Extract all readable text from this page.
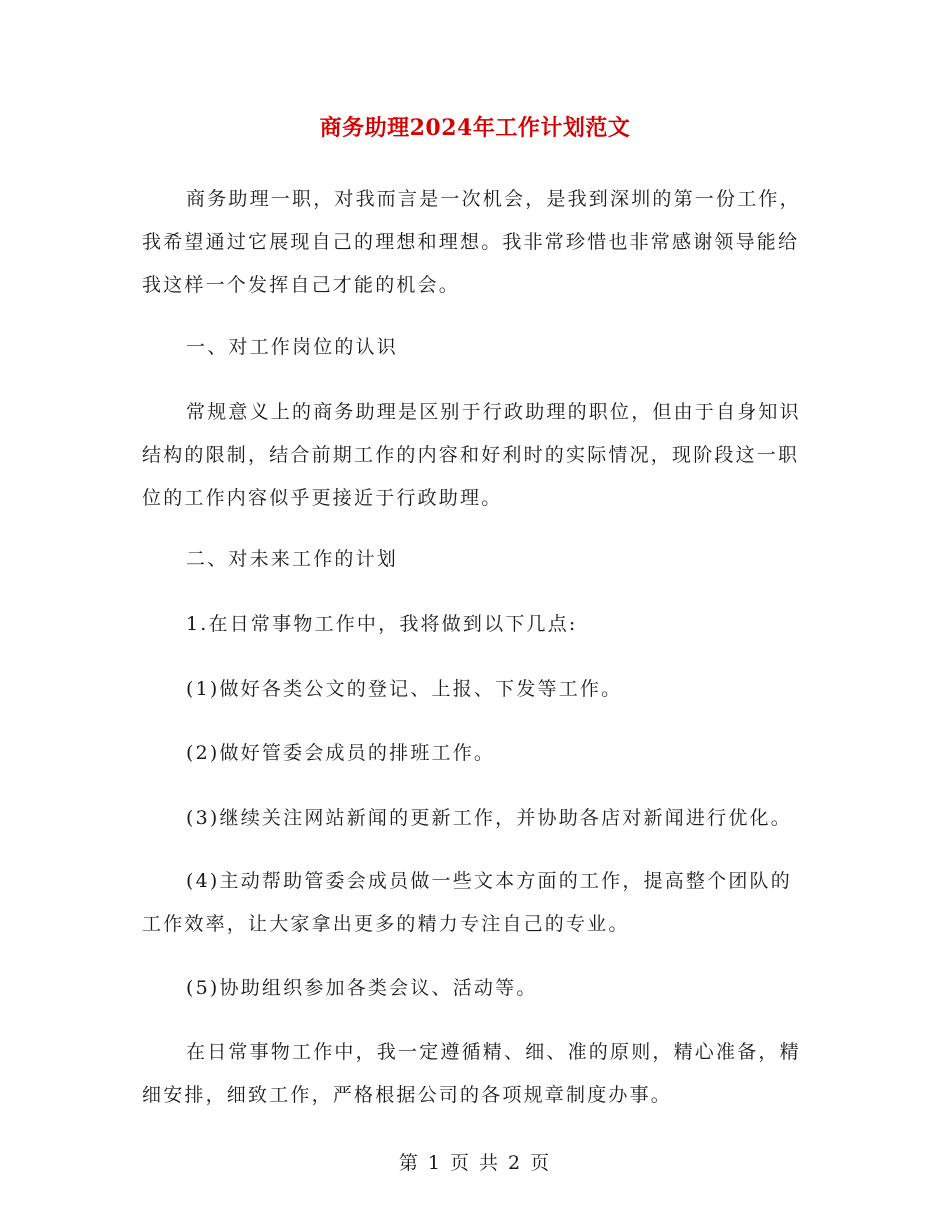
商务助理2024年工作计划范文

商务助理一职，对我而言是一次机会，是我到深圳的第一份工作，我希望通过它展现自己的理想和理想。我非常珍惜也非常感谢领导能给我这样一个发挥自己才能的机会。

一、对工作岗位的认识

常规意义上的商务助理是区别于行政助理的职位，但由于自身知识结构的限制，结合前期工作的内容和好利时的实际情况，现阶段这一职位的工作内容似乎更接近于行政助理。

二、对未来工作的计划

1.在日常事物工作中，我将做到以下几点:

(1)做好各类公文的登记、上报、下发等工作。

(2)做好管委会成员的排班工作。

(3)继续关注网站新闻的更新工作，并协助各店对新闻进行优化。

(4)主动帮助管委会成员做一些文本方面的工作，提高整个团队的工作效率，让大家拿出更多的精力专注自己的专业。

(5)协助组织参加各类会议、活动等。

在日常事物工作中，我一定遵循精、细、准的原则，精心准备，精细安排，细致工作，严格根据公司的各项规章制度办事。

第 1 页 共 2 页
